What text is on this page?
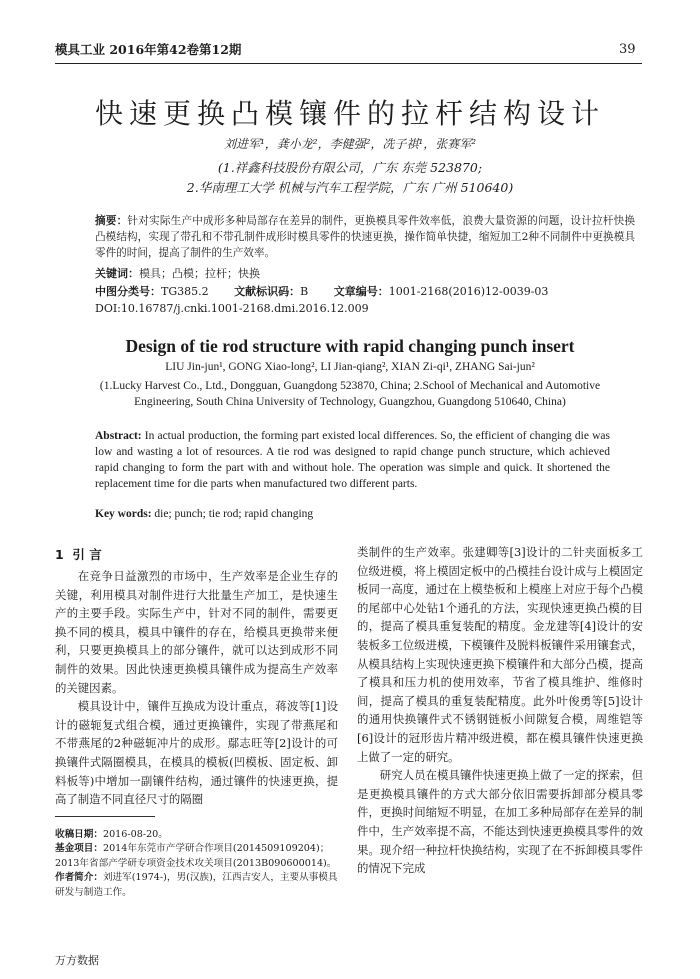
模具工业 2016年第42卷第12期	39
快速更换凸模镶件的拉杆结构设计
刘进军¹，龚小龙²，李健强²，冼子祺¹，张赛军²
(1.祥鑫科技股份有限公司，广东 东莞 523870;
2.华南理工大学 机械与汽车工程学院，广东 广州 510640)
摘要：针对实际生产中成形多种局部存在差异的制件，更换模具零件效率低，浪费大量资源的问题，设计拉杆快换凸模结构，实现了带孔和不带孔制件成形时模具零件的快速更换，操作简单快捷，缩短加工2种不同制件中更换模具零件的时间，提高了制件的生产效率。
关键词：模具；凸模；拉杆；快换
中图分类号：TG385.2 文献标识码：B 文章编号：1001-2168(2016)12-0039-03
DOI:10.16787/j.cnki.1001-2168.dmi.2016.12.009
Design of tie rod structure with rapid changing punch insert
LIU Jin-jun¹, GONG Xiao-long², LI Jian-qiang², XIAN Zi-qi¹, ZHANG Sai-jun²
(1.Lucky Harvest Co., Ltd., Dongguan, Guangdong 523870, China; 2.School of Mechanical and Automotive Engineering, South China University of Technology, Guangzhou, Guangdong 510640, China)
Abstract: In actual production, the forming part existed local differences. So, the efficient of changing die was low and wasting a lot of resources. A tie rod was designed to rapid change punch structure, which achieved rapid changing to form the part with and without hole. The operation was simple and quick. It shortened the replacement time for die parts when manufactured two different parts.
Key words: die; punch; tie rod; rapid changing
1 引 言

在竞争日益激烈的市场中，生产效率是企业生存的关键，利用模具对制件进行大批量生产加工，是快速生产的主要手段。实际生产中，针对不同的制件，需要更换不同的模具，模具中镶件的存在，给模具更换带来便利，只要更换模具上的部分镶件，就可以达到成形不同制件的效果。因此快速更换模具镶件成为提高生产效率的关键因素。

模具设计中，镶件互换成为设计重点，蒋波等[1]设计的磁轭复式组合模，通过更换镶件，实现了带燕尾和不带燕尾的2种磁轭冲片的成形。鄢志旺等[2]设计的可换镶件式隔圈模具，在模具的模板(凹模板、固定板、卸料板等)中增加一副镶件结构，通过镶件的快速更换，提高了制造不同直径尺寸的隔圈

类制件的生产效率。张建卿等[3]设计的二针夹面板多工位级进模，将上模固定板中的凸模挂台设计成与上模固定板同一高度，通过在上模垫板和上模座上对应于每个凸模的尾部中心处钻1个通孔的方法，实现快速更换凸模的目的，提高了模具重复装配的精度。金龙建等[4]设计的安装板多工位级进模，下模镶件及脱料板镶件采用镶套式，从模具结构上实现快速更换下模镶件和大部分凸模，提高了模具和压力机的使用效率，节省了模具维护、维修时间，提高了模具的重复装配精度。此外叶俊勇等[5]设计的通用快换镶件式不锈钢链板小间隙复合模，周维铠等[6]设计的冠形齿片精冲级进模，都在模具镶件快速更换上做了一定的研究。

研究人员在模具镶件快速更换上做了一定的探索，但是更换模具镶件的方式大部分依旧需要拆卸部分模具零件，更换时间缩短不明显，在加工多种局部存在差异的制件中，生产效率提不高，不能达到快速更换模具零件的效果。现介绍一种拉杆快换结构，实现了在不拆卸模具零件的情况下完成

收稿日期：2016-08-20。

基金项目：2014年东莞市产学研合作项目(2014509109204)；2013年省部产学研专项资金技术攻关项目(2013B090600014)。

作者简介：刘进军(1974-)，男(汉族)，江西吉安人，主要从事模具研发与制造工作。

万方数据
